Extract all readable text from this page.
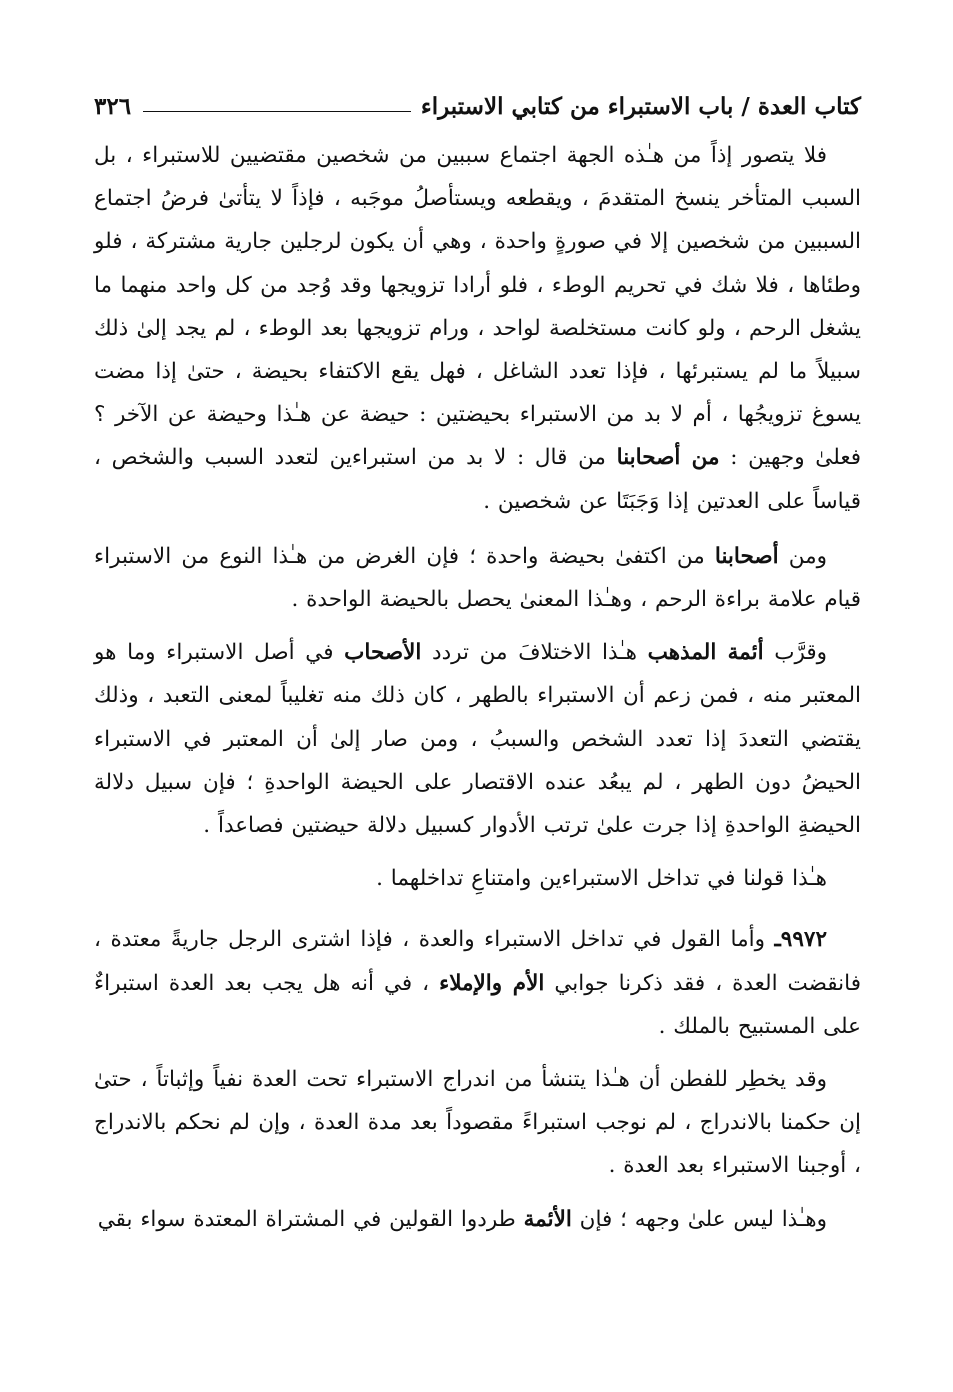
كتاب العدة / باب الاستبراء من كتابي الاستبراء
٣٢٦

فلا يتصور إذاً من هـٰذه الجهة اجتماع سببين من شخصين مقتضيين للاستبراء ، بل السبب المتأخر ينسخ المتقدمَ ، ويقطعه ويستأصلُ موجَبه ، فإذاً لا يتأتىٰ فرضُ اجتماع السببين من شخصين إلا في صورةٍ واحدة ، وهي أن يكون لرجلين جارية مشتركة ، فلو وطئاها ، فلا شك في تحريم الوطء ، فلو أرادا تزويجها وقد وُجد من كل واحد منهما ما يشغل الرحم ، ولو كانت مستخلصة لواحد ، ورام تزويجها بعد الوطء ، لم يجد إلىٰ ذلك سبيلاً ما لم يستبرئها ، فإذا تعدد الشاغل ، فهل يقع الاكتفاء بحيضة ، حتىٰ إذا مضت يسوغ تزويجُها ، أم لا بد من الاستبراء بحيضتين : حيضة عن هـٰذا وحيضة عن الآخر ؟ فعلىٰ وجهين : من أصحابنا من قال : لا بد من استبراءين لتعدد السبب والشخص ، قياساً على العدتين إذا وَجَبَتَا عن شخصين .

ومن أصحابنا من اكتفىٰ بحيضة واحدة ؛ فإن الغرض من هـٰذا النوع من الاستبراء قيام علامة براءة الرحم ، وهـٰذا المعنىٰ يحصل بالحيضة الواحدة .

وقرَّب أئمة المذهب هـٰذا الاختلافَ من تردد الأصحاب في أصل الاستبراء وما هو المعتبر منه ، فمن زعم أن الاستبراء بالطهر ، كان ذلك منه تغليباً لمعنى التعبد ، وذلك يقتضي التعددَ إذا تعدد الشخص والسببُ ، ومن صار إلىٰ أن المعتبر في الاستبراء الحيضُ دون الطهر ، لم يبعُد عنده الاقتصار على الحيضة الواحدةِ ؛ فإن سبيل دلالة الحيضةِ الواحدةِ إذا جرت علىٰ ترتب الأدوار كسبيل دلالة حيضتين فصاعداً .

هـٰذا قولنا في تداخل الاستبراءين وامتناعِ تداخلهما .

٩٩٧٢ـ وأما القول في تداخل الاستبراء والعدة ، فإذا اشترى الرجل جاريةً معتدة ، فانقضت العدة ، فقد ذكرنا جوابي الأم والإملاء ، في أنه هل يجب بعد العدة استبراءٌ على المستبيح بالملك .

وقد يخطِر للفطن أن هـٰذا يتنشأ من اندراج الاستبراء تحت العدة نفياً وإثباتاً ، حتىٰ إن حكمنا بالاندراج ، لم نوجب استبراءً مقصوداً بعد مدة العدة ، وإن لم نحكم بالاندراج ، أوجبنا الاستبراء بعد العدة .

وهـٰذا ليس علىٰ وجهه ؛ فإن الأئمة طردوا القولين في المشتراة المعتدة سواء بقي
